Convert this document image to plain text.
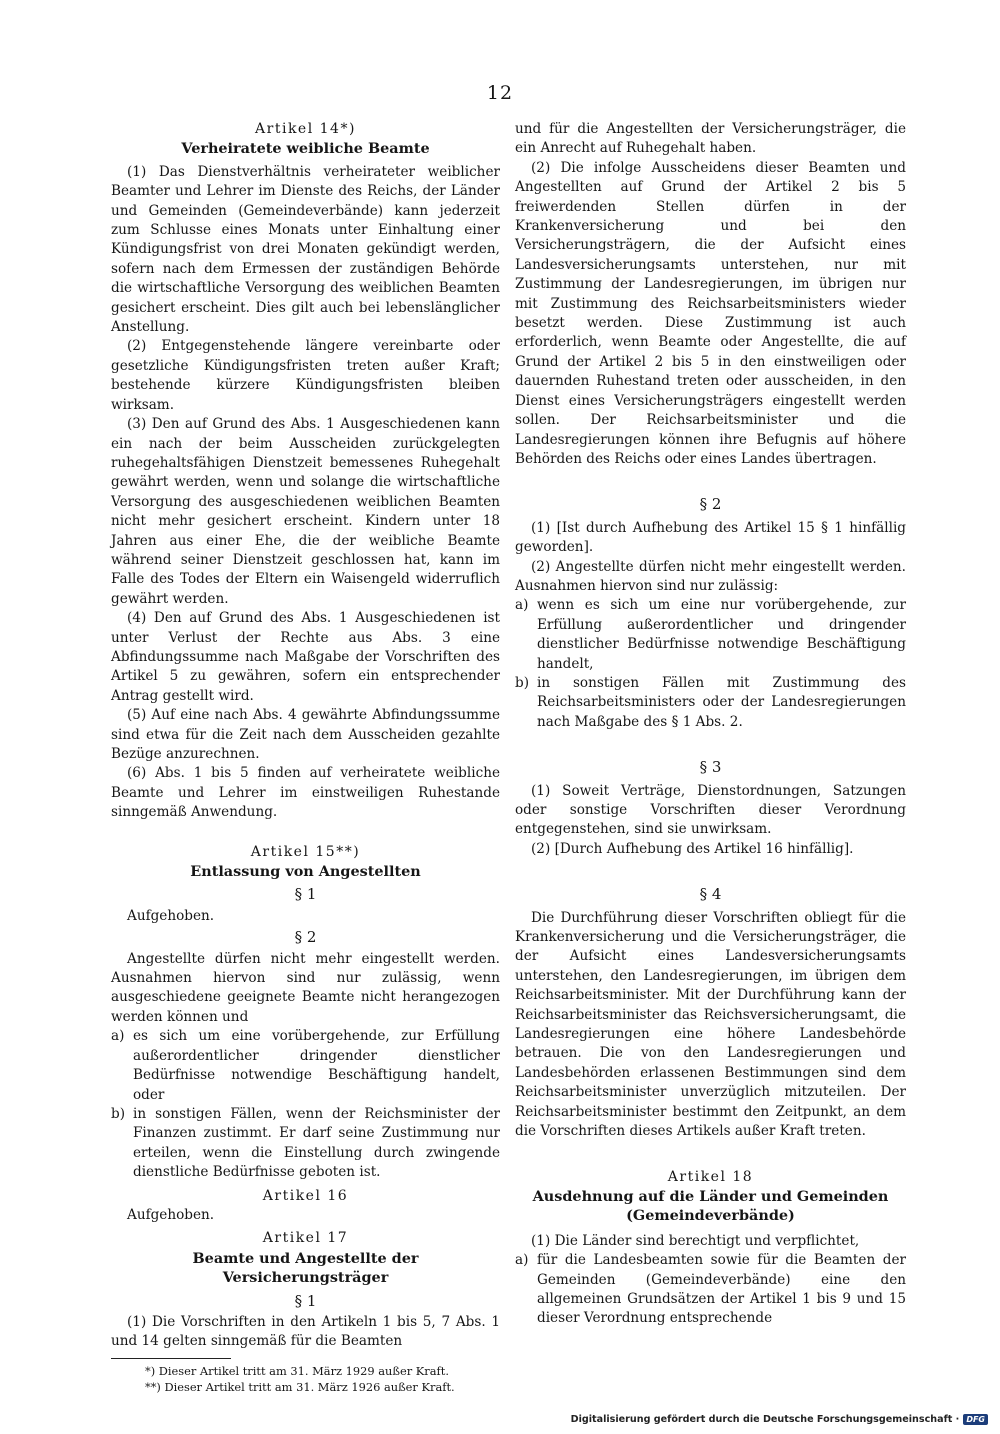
12
Artikel 14*)
Verheiratete weibliche Beamte

(1) Das Dienstverhältnis verheirateter weiblicher Beamter und Lehrer im Dienste des Reichs, der Länder und Gemeinden (Gemeindeverbände) kann jederzeit zum Schlusse eines Monats unter Einhaltung einer Kündigungsfrist von drei Monaten gekündigt werden, sofern nach dem Ermessen der zuständigen Behörde die wirtschaftliche Versorgung des weiblichen Beamten gesichert erscheint. Dies gilt auch bei lebenslänglicher Anstellung.

(2) Entgegenstehende längere vereinbarte oder gesetzliche Kündigungsfristen treten außer Kraft; bestehende kürzere Kündigungsfristen bleiben wirksam.

(3) Den auf Grund des Abs. 1 Ausgeschiedenen kann ein nach der beim Ausscheiden zurückgelegten ruhegehaltsfähigen Dienstzeit bemessenes Ruhegehalt gewährt werden, wenn und solange die wirtschaftliche Versorgung des ausgeschiedenen weiblichen Beamten nicht mehr gesichert erscheint. Kindern unter 18 Jahren aus einer Ehe, die der weibliche Beamte während seiner Dienstzeit geschlossen hat, kann im Falle des Todes der Eltern ein Waisengeld widerruflich gewährt werden.

(4) Den auf Grund des Abs. 1 Ausgeschiedenen ist unter Verlust der Rechte aus Abs. 3 eine Abfindungssumme nach Maßgabe der Vorschriften des Artikel 5 zu gewähren, sofern ein entsprechender Antrag gestellt wird.

(5) Auf eine nach Abs. 4 gewährte Abfindungssumme sind etwa für die Zeit nach dem Ausscheiden gezahlte Bezüge anzurechnen.

(6) Abs. 1 bis 5 finden auf verheiratete weibliche Beamte und Lehrer im einstweiligen Ruhestande sinngemäß Anwendung.

Artikel 15**)
Entlassung von Angestellten
§ 1

Aufgehoben.

§ 2

Angestellte dürfen nicht mehr eingestellt werden. Ausnahmen hiervon sind nur zulässig, wenn ausgeschiedene geeignete Beamte nicht herangezogen werden können und

a) es sich um eine vorübergehende, zur Erfüllung außerordentlicher dringender dienstlicher Bedürfnisse notwendige Beschäftigung handelt, oder
b) in sonstigen Fällen, wenn der Reichsminister der Finanzen zustimmt. Er darf seine Zustimmung nur erteilen, wenn die Einstellung durch zwingende dienstliche Bedürfnisse geboten ist.
Artikel 16

Aufgehoben.

Artikel 17
Beamte und Angestellte der Versicherungsträger
§ 1

(1) Die Vorschriften in den Artikeln 1 bis 5, 7 Abs. 1 und 14 gelten sinngemäß für die Beamten

*) Dieser Artikel tritt am 31. März 1929 außer Kraft.
**) Dieser Artikel tritt am 31. März 1926 außer Kraft.

und für die Angestellten der Versicherungsträger, die ein Anrecht auf Ruhegehalt haben.

(2) Die infolge Ausscheidens dieser Beamten und Angestellten auf Grund der Artikel 2 bis 5 freiwerdenden Stellen dürfen in der Krankenversicherung und bei den Versicherungsträgern, die der Aufsicht eines Landesversicherungsamts unterstehen, nur mit Zustimmung der Landesregierungen, im übrigen nur mit Zustimmung des Reichsarbeitsministers wieder besetzt werden. Diese Zustimmung ist auch erforderlich, wenn Beamte oder Angestellte, die auf Grund der Artikel 2 bis 5 in den einstweiligen oder dauernden Ruhestand treten oder ausscheiden, in den Dienst eines Versicherungsträgers eingestellt werden sollen. Der Reichsarbeitsminister und die Landesregierungen können ihre Befugnis auf höhere Behörden des Reichs oder eines Landes übertragen.

§ 2

(1) [Ist durch Aufhebung des Artikel 15 § 1 hinfällig geworden].

(2) Angestellte dürfen nicht mehr eingestellt werden. Ausnahmen hiervon sind nur zulässig:

a) wenn es sich um eine nur vorübergehende, zur Erfüllung außerordentlicher und dringender dienstlicher Bedürfnisse notwendige Beschäftigung handelt,
b) in sonstigen Fällen mit Zustimmung des Reichsarbeitsministers oder der Landesregierungen nach Maßgabe des § 1 Abs. 2.
§ 3

(1) Soweit Verträge, Dienstordnungen, Satzungen oder sonstige Vorschriften dieser Verordnung entgegenstehen, sind sie unwirksam.

(2) [Durch Aufhebung des Artikel 16 hinfällig].

§ 4

Die Durchführung dieser Vorschriften obliegt für die Krankenversicherung und die Versicherungsträger, die der Aufsicht eines Landesversicherungsamts unterstehen, den Landesregierungen, im übrigen dem Reichsarbeitsminister. Mit der Durchführung kann der Reichsarbeitsminister das Reichsversicherungsamt, die Landesregierungen eine höhere Landesbehörde betrauen. Die von den Landesregierungen und Landesbehörden erlassenen Bestimmungen sind dem Reichsarbeitsminister unverzüglich mitzuteilen. Der Reichsarbeitsminister bestimmt den Zeitpunkt, an dem die Vorschriften dieses Artikels außer Kraft treten.

Artikel 18
Ausdehnung auf die Länder und Gemeinden (Gemeindeverbände)

(1) Die Länder sind berechtigt und verpflichtet,

a) für die Landesbeamten sowie für die Beamten der Gemeinden (Gemeindeverbände) eine den allgemeinen Grundsätzen der Artikel 1 bis 9 und 15 dieser Verordnung entsprechende
Digitalisierung gefördert durch die Deutsche Forschungsgemeinschaft · DFG
